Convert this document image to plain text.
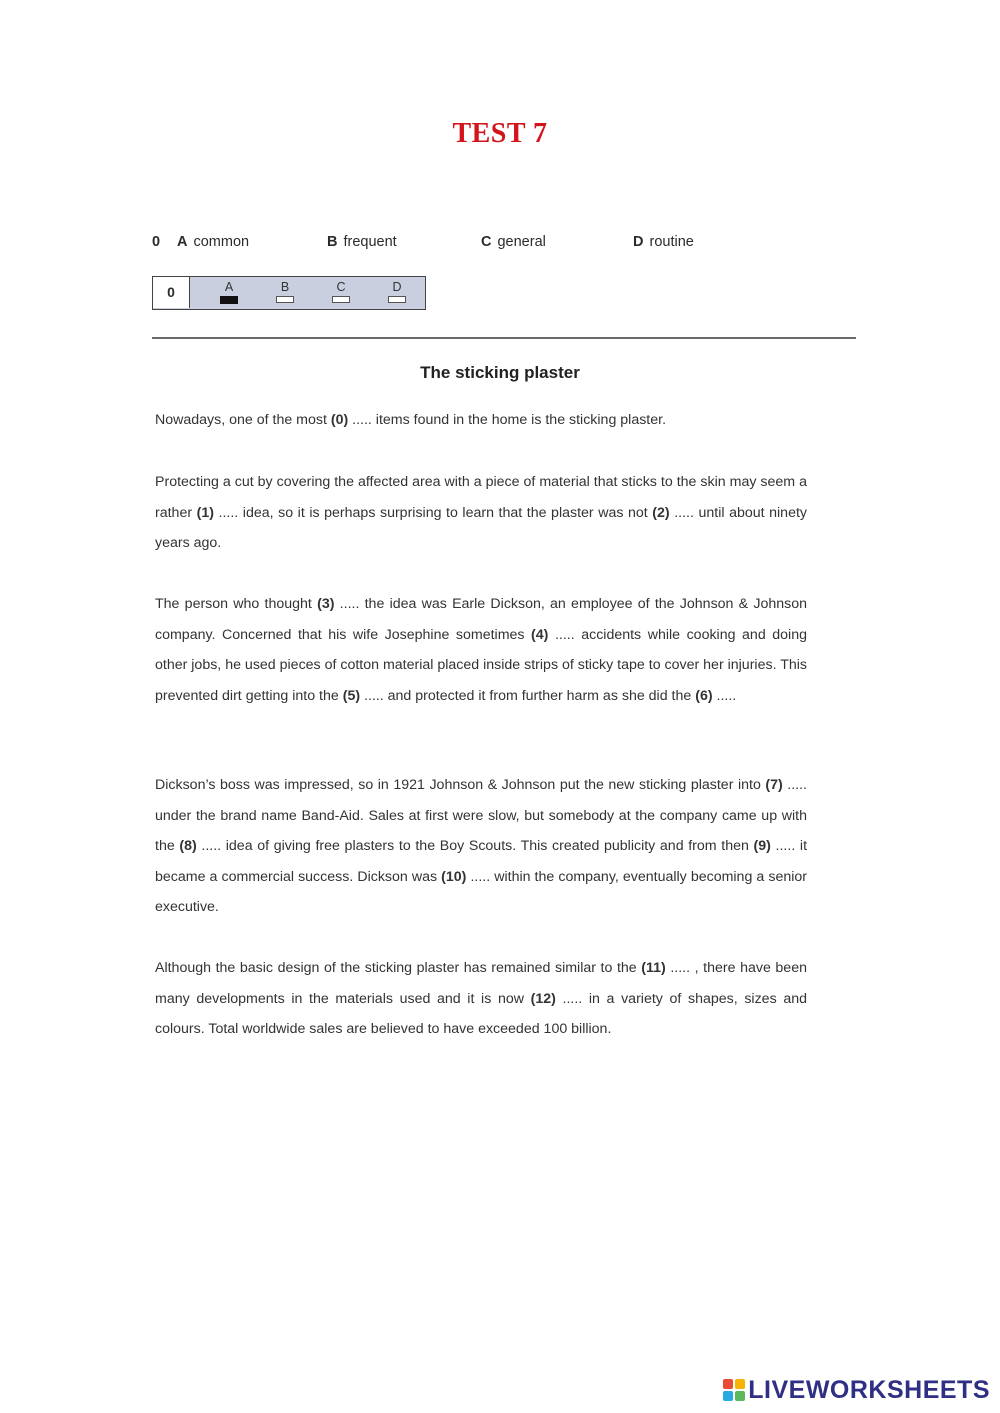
TEST 7
0 A common	B frequent	C general	D routine
0	A	B	C	D
The sticking plaster

Nowadays, one of the most (0) ..... items found in the home is the sticking plaster.

Protecting a cut by covering the affected area with a piece of material that sticks to the skin may seem a rather (1) ..... idea, so it is perhaps surprising to learn that the plaster was not (2) ..... until about ninety years ago.

The person who thought (3) ..... the idea was Earle Dickson, an employee of the Johnson & Johnson company. Concerned that his wife Josephine sometimes (4) ..... accidents while cooking and doing other jobs, he used pieces of cotton material placed inside strips of sticky tape to cover her injuries. This prevented dirt getting into the (5) ..... and protected it from further harm as she did the (6) .....

Dickson’s boss was impressed, so in 1921 Johnson & Johnson put the new sticking plaster into (7) ..... under the brand name Band-Aid. Sales at first were slow, but somebody at the company came up with the (8) ..... idea of giving free plasters to the Boy Scouts. This created publicity and from then (9) ..... it became a commercial success. Dickson was (10) ..... within the company, eventually becoming a senior executive.

Although the basic design of the sticking plaster has remained similar to the (11) ..... , there have been many developments in the materials used and it is now (12) ..... in a variety of shapes, sizes and colours. Total worldwide sales are believed to have exceeded 100 billion.

LIVEWORKSHEETS
